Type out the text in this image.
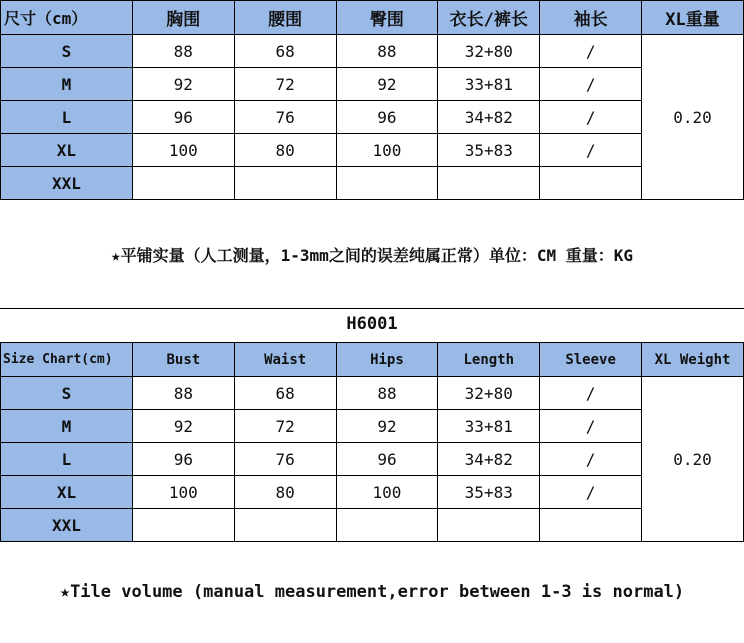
尺寸（cm）	胸围	腰围	臀围	衣长/裤长	袖长	XL重量
S	88	68	88	32+80	/	0.20
M	92	72	92	33+81	/	
L	96	76	96	34+82	/	
XL	100	80	100	35+83	/	
XXL						
★平铺实量（人工测量，1-3mm之间的误差纯属正常）单位：CM 重量：KG
H6001
Size Chart(cm)	Bust	Waist	Hips	Length	Sleeve	XL Weight
S	88	68	88	32+80	/	0.20
M	92	72	92	33+81	/	
L	96	76	96	34+82	/	
XL	100	80	100	35+83	/	
XXL						
★Tile volume (manual measurement,error between 1-3 is normal)
